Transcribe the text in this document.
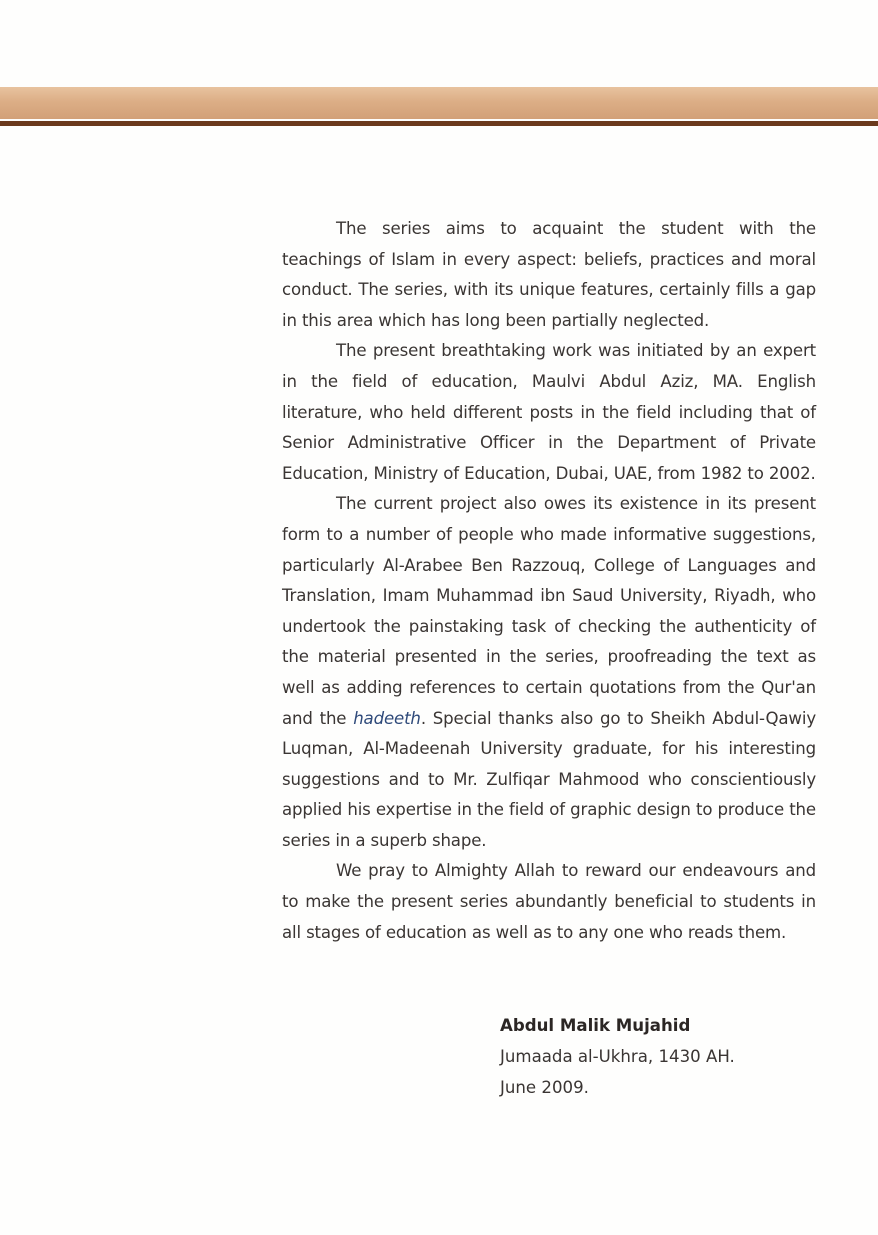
The series aims to acquaint the student with the teachings of Islam in every aspect: beliefs, practices and moral conduct. The series, with its unique features, certainly fills a gap in this area which has long been partially neglected.

The present breathtaking work was initiated by an expert in the field of education, Maulvi Abdul Aziz, MA. English literature, who held different posts in the field including that of Senior Administrative Officer in the Department of Private Education, Ministry of Education, Dubai, UAE, from 1982 to 2002.

The current project also owes its existence in its present form to a number of people who made informative suggestions, particularly Al-Arabee Ben Razzouq, College of Languages and Translation, Imam Muhammad ibn Saud University, Riyadh, who undertook the painstaking task of checking the authenticity of the material presented in the series, proofreading the text as well as adding references to certain quotations from the Qur'an and the hadeeth. Special thanks also go to Sheikh Abdul-Qawiy Luqman, Al-Madeenah University graduate, for his interesting suggestions and to Mr. Zulfiqar Mahmood who conscientiously applied his expertise in the field of graphic design to produce the series in a superb shape.

We pray to Almighty Allah to reward our endeavours and to make the present series abundantly beneficial to students in all stages of education as well as to any one who reads them.

Abdul Malik Mujahid
Jumaada al-Ukhra, 1430 AH.
June 2009.
